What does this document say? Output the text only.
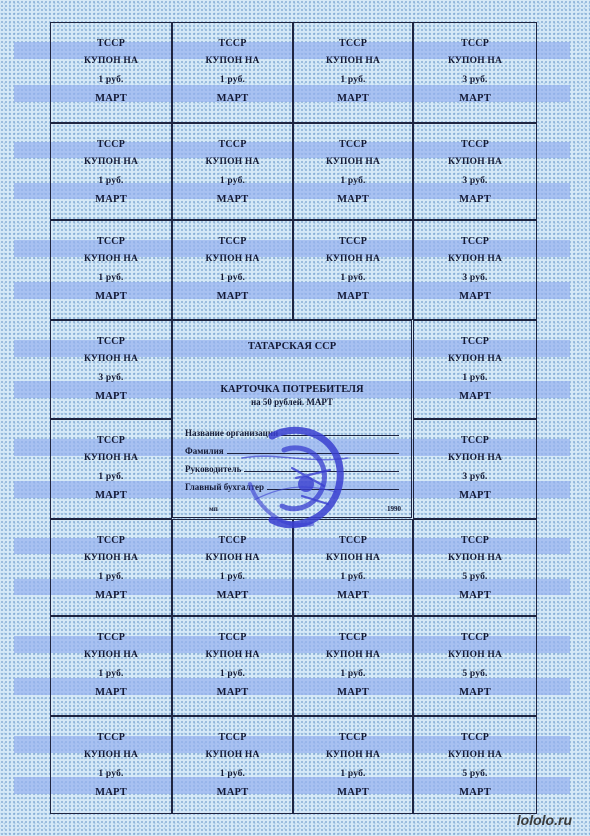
ТССР
КУПОН НА
1 руб.
МАРТ
ТССР
КУПОН НА
1 руб.
МАРТ
ТССР
КУПОН НА
1 руб.
МАРТ
ТССР
КУПОН НА
3 руб.
МАРТ
ТССР
КУПОН НА
1 руб.
МАРТ
ТССР
КУПОН НА
1 руб.
МАРТ
ТССР
КУПОН НА
1 руб.
МАРТ
ТССР
КУПОН НА
3 руб.
МАРТ
ТССР
КУПОН НА
1 руб.
МАРТ
ТССР
КУПОН НА
1 руб.
МАРТ
ТССР
КУПОН НА
1 руб.
МАРТ
ТССР
КУПОН НА
3 руб.
МАРТ
ТССР
КУПОН НА
3 руб.
МАРТ
ТССР
КУПОН НА
1 руб.
МАРТ
ТССР
КУПОН НА
1 руб.
МАРТ
ТССР
КУПОН НА
3 руб.
МАРТ
ТССР
КУПОН НА
1 руб.
МАРТ
ТССР
КУПОН НА
1 руб.
МАРТ
ТССР
КУПОН НА
1 руб.
МАРТ
ТССР
КУПОН НА
5 руб.
МАРТ
ТССР
КУПОН НА
1 руб.
МАРТ
ТССР
КУПОН НА
1 руб.
МАРТ
ТССР
КУПОН НА
1 руб.
МАРТ
ТССР
КУПОН НА
5 руб.
МАРТ
ТССР
КУПОН НА
1 руб.
МАРТ
ТССР
КУПОН НА
1 руб.
МАРТ
ТССР
КУПОН НА
1 руб.
МАРТ
ТССР
КУПОН НА
5 руб.
МАРТ
ТАТАРСКАЯ ССР
КАРТОЧКА ПОТРЕБИТЕЛЯ
на 50 рублей. МАРТ
Название организации
Фамилия
Руководитель
Главный бухгалтер
мп	1990
lololo.ru
